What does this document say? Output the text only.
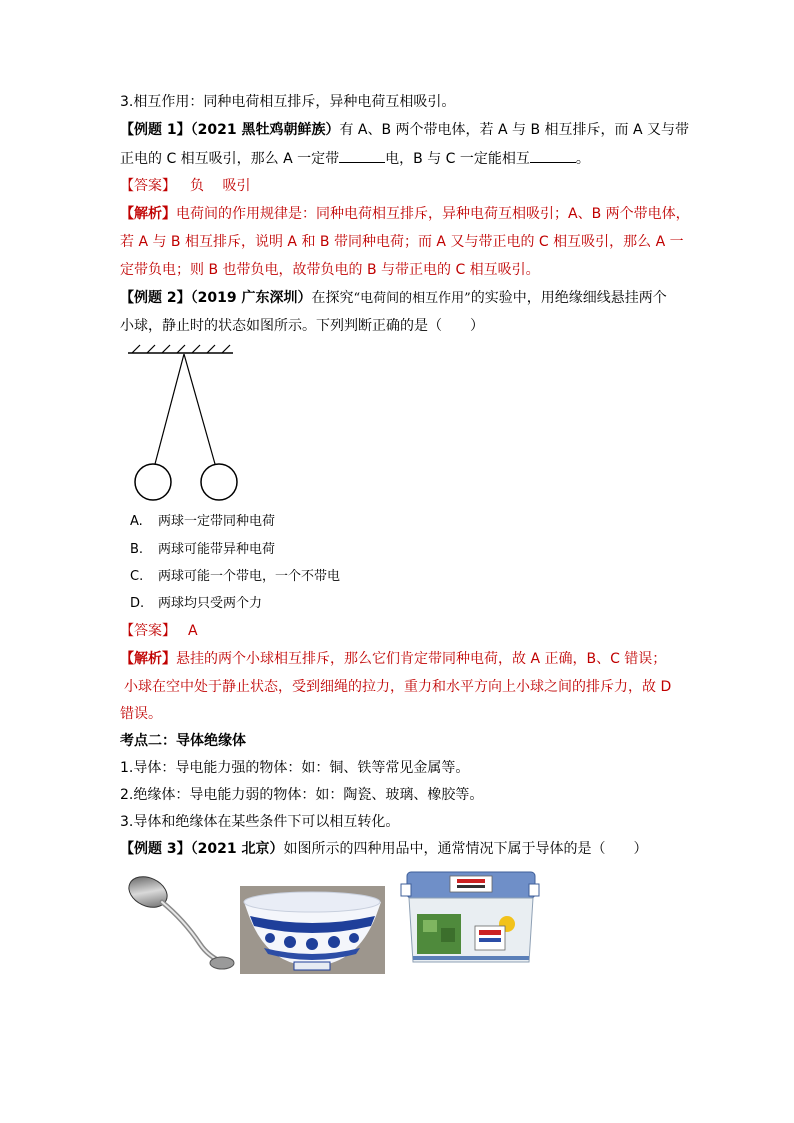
3.相互作用：同种电荷相互排斥，异种电荷互相吸引。
【例题 1】（2021 黑牡鸡朝鲜族）有 A、B 两个带电体，若 A 与 B 相互排斥，而 A 又与带
正电的 C 相互吸引，那么 A 一定带	电，B 与 C 一定能相互	。
【答案】 负　 吸引
【解析】电荷间的作用规律是：同种电荷相互排斥，异种电荷互相吸引；A、B 两个带电体，
若 A 与 B 相互排斥，说明 A 和 B 带同种电荷；而 A 又与带正电的 C 相互吸引，那么 A 一
定带负电；则 B 也带负电，故带负电的 B 与带正电的 C 相互吸引。
【例题 2】（2019 广东深圳）在探究“电荷间的相互作用”的实验中，用绝缘细线悬挂两个
小球，静止时的状态如图所示。下列判断正确的是（　　）
A. 两球一定带同种电荷
B. 两球可能带异种电荷
C. 两球可能一个带电，一个不带电
D. 两球均只受两个力
【答案】 A
【解析】悬挂的两个小球相互排斥，那么它们肯定带同种电荷，故 A 正确，B、C 错误；
小球在空中处于静止状态，受到细绳的拉力，重力和水平方向上小球之间的排斥力，故 D
错误。
考点二：导体绝缘体
1.导体：导电能力强的物体：如：铜、铁等常见金属等。
2.绝缘体：导电能力弱的物体：如：陶瓷、玻璃、橡胶等。
3.导体和绝缘体在某些条件下可以相互转化。
【例题 3】（2021 北京）如图所示的四种用品中，通常情况下属于导体的是（　　）
